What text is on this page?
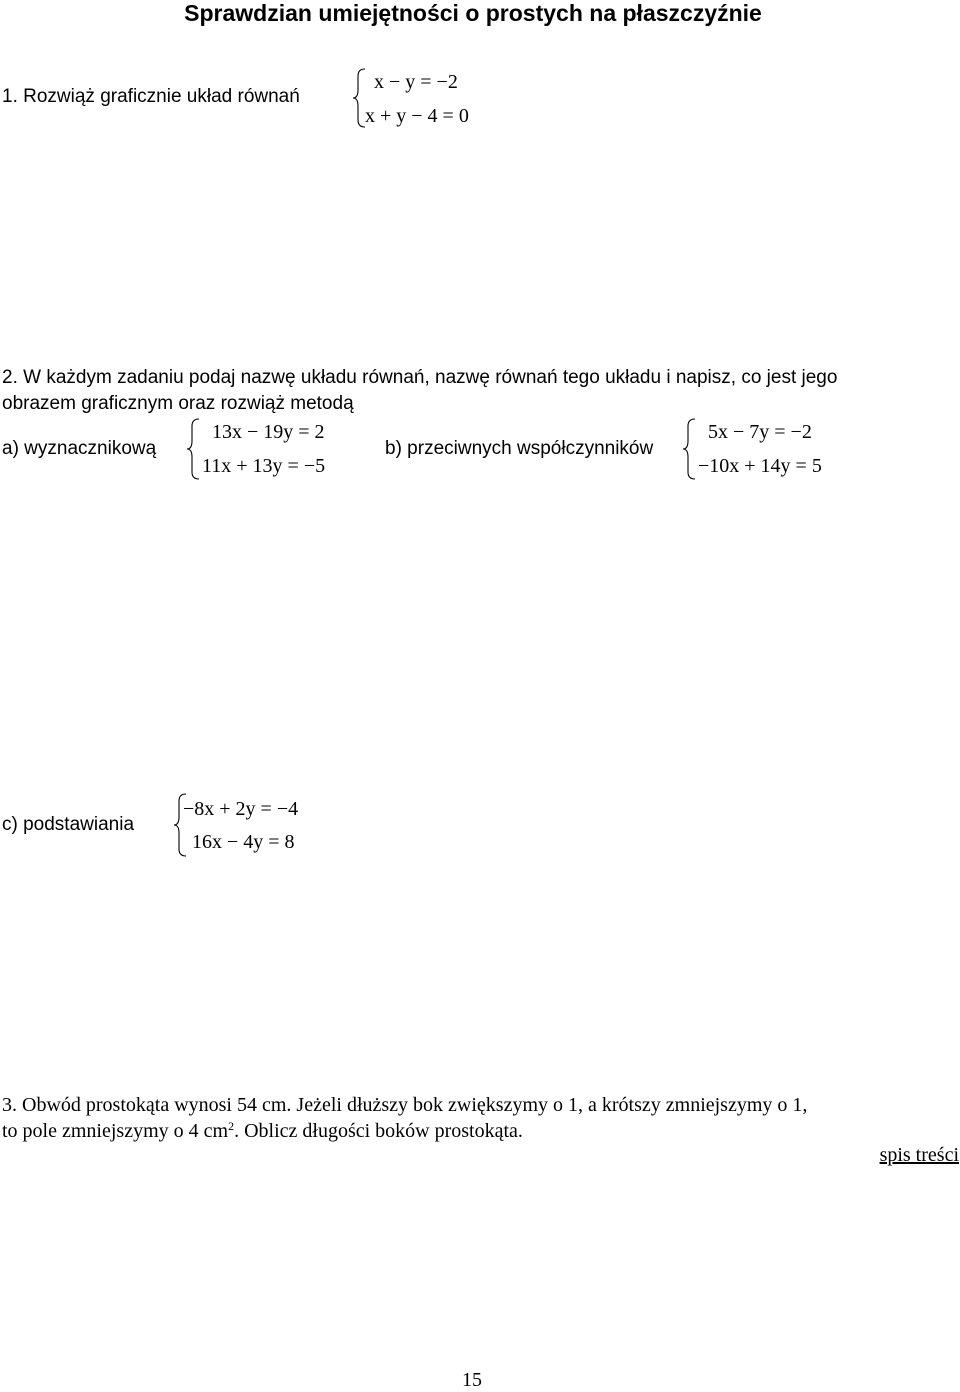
Sprawdzian umiejętności o prostych na płaszczyźnie
1. Rozwiąż graficznie układ równań
x − y = −2
x + y − 4 = 0
2. W każdym zadaniu podaj nazwę układu równań, nazwę równań tego układu i napisz, co jest jego
obrazem graficznym oraz rozwiąż metodą
a) wyznacznikową
13x − 19y = 2
11x + 13y = −5
b) przeciwnych współczynników
5x − 7y = −2
−10x + 14y = 5
c) podstawiania
−8x + 2y = −4
16x − 4y = 8
3. Obwód prostokąta wynosi 54 cm. Jeżeli dłuższy bok zwiększymy o 1, a krótszy zmniejszymy o 1,
to pole zmniejszymy o 4 $cm^2$. Oblicz długości boków prostokąta.
spis treści
15
